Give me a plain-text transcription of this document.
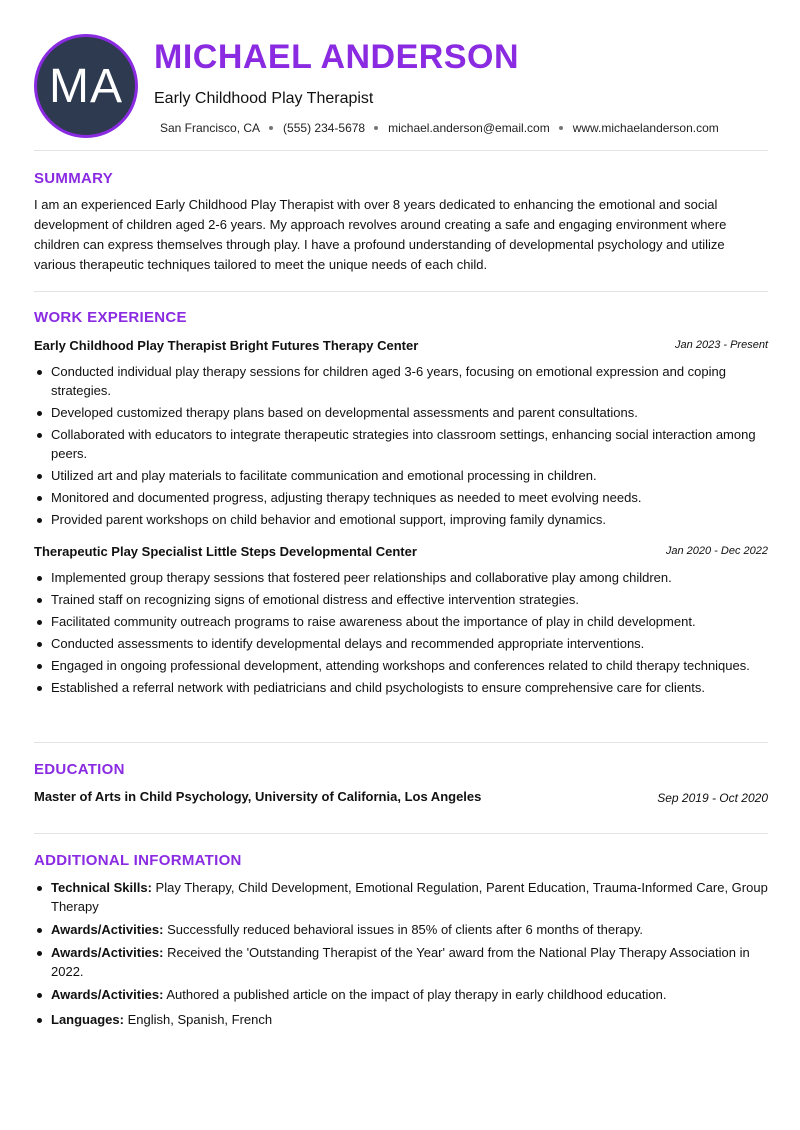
MA
MICHAEL ANDERSON
Early Childhood Play Therapist
San Francisco, CA (555) 234-5678 michael.anderson@email.com www.michaelanderson.com
SUMMARY
I am an experienced Early Childhood Play Therapist with over 8 years dedicated to enhancing the emotional and social development of children aged 2-6 years. My approach revolves around creating a safe and engaging environment where children can express themselves through play. I have a profound understanding of developmental psychology and utilize various therapeutic techniques tailored to meet the unique needs of each child.
WORK EXPERIENCE
Early Childhood Play Therapist Bright Futures Therapy Center	Jan 2023 - Present
Conducted individual play therapy sessions for children aged 3-6 years, focusing on emotional expression and coping strategies.
Developed customized therapy plans based on developmental assessments and parent consultations.
Collaborated with educators to integrate therapeutic strategies into classroom settings, enhancing social interaction among peers.
Utilized art and play materials to facilitate communication and emotional processing in children.
Monitored and documented progress, adjusting therapy techniques as needed to meet evolving needs.
Provided parent workshops on child behavior and emotional support, improving family dynamics.
Therapeutic Play Specialist Little Steps Developmental Center	Jan 2020 - Dec 2022
Implemented group therapy sessions that fostered peer relationships and collaborative play among children.
Trained staff on recognizing signs of emotional distress and effective intervention strategies.
Facilitated community outreach programs to raise awareness about the importance of play in child development.
Conducted assessments to identify developmental delays and recommended appropriate interventions.
Engaged in ongoing professional development, attending workshops and conferences related to child therapy techniques.
Established a referral network with pediatricians and child psychologists to ensure comprehensive care for clients.
EDUCATION
Master of Arts in Child Psychology, University of California, Los Angeles	Sep 2019 - Oct 2020
ADDITIONAL INFORMATION
Technical Skills: Play Therapy, Child Development, Emotional Regulation, Parent Education, Trauma-Informed Care, Group Therapy
Awards/Activities: Successfully reduced behavioral issues in 85% of clients after 6 months of therapy.
Awards/Activities: Received the 'Outstanding Therapist of the Year' award from the National Play Therapy Association in 2022.
Awards/Activities: Authored a published article on the impact of play therapy in early childhood education.
Languages: English, Spanish, French
